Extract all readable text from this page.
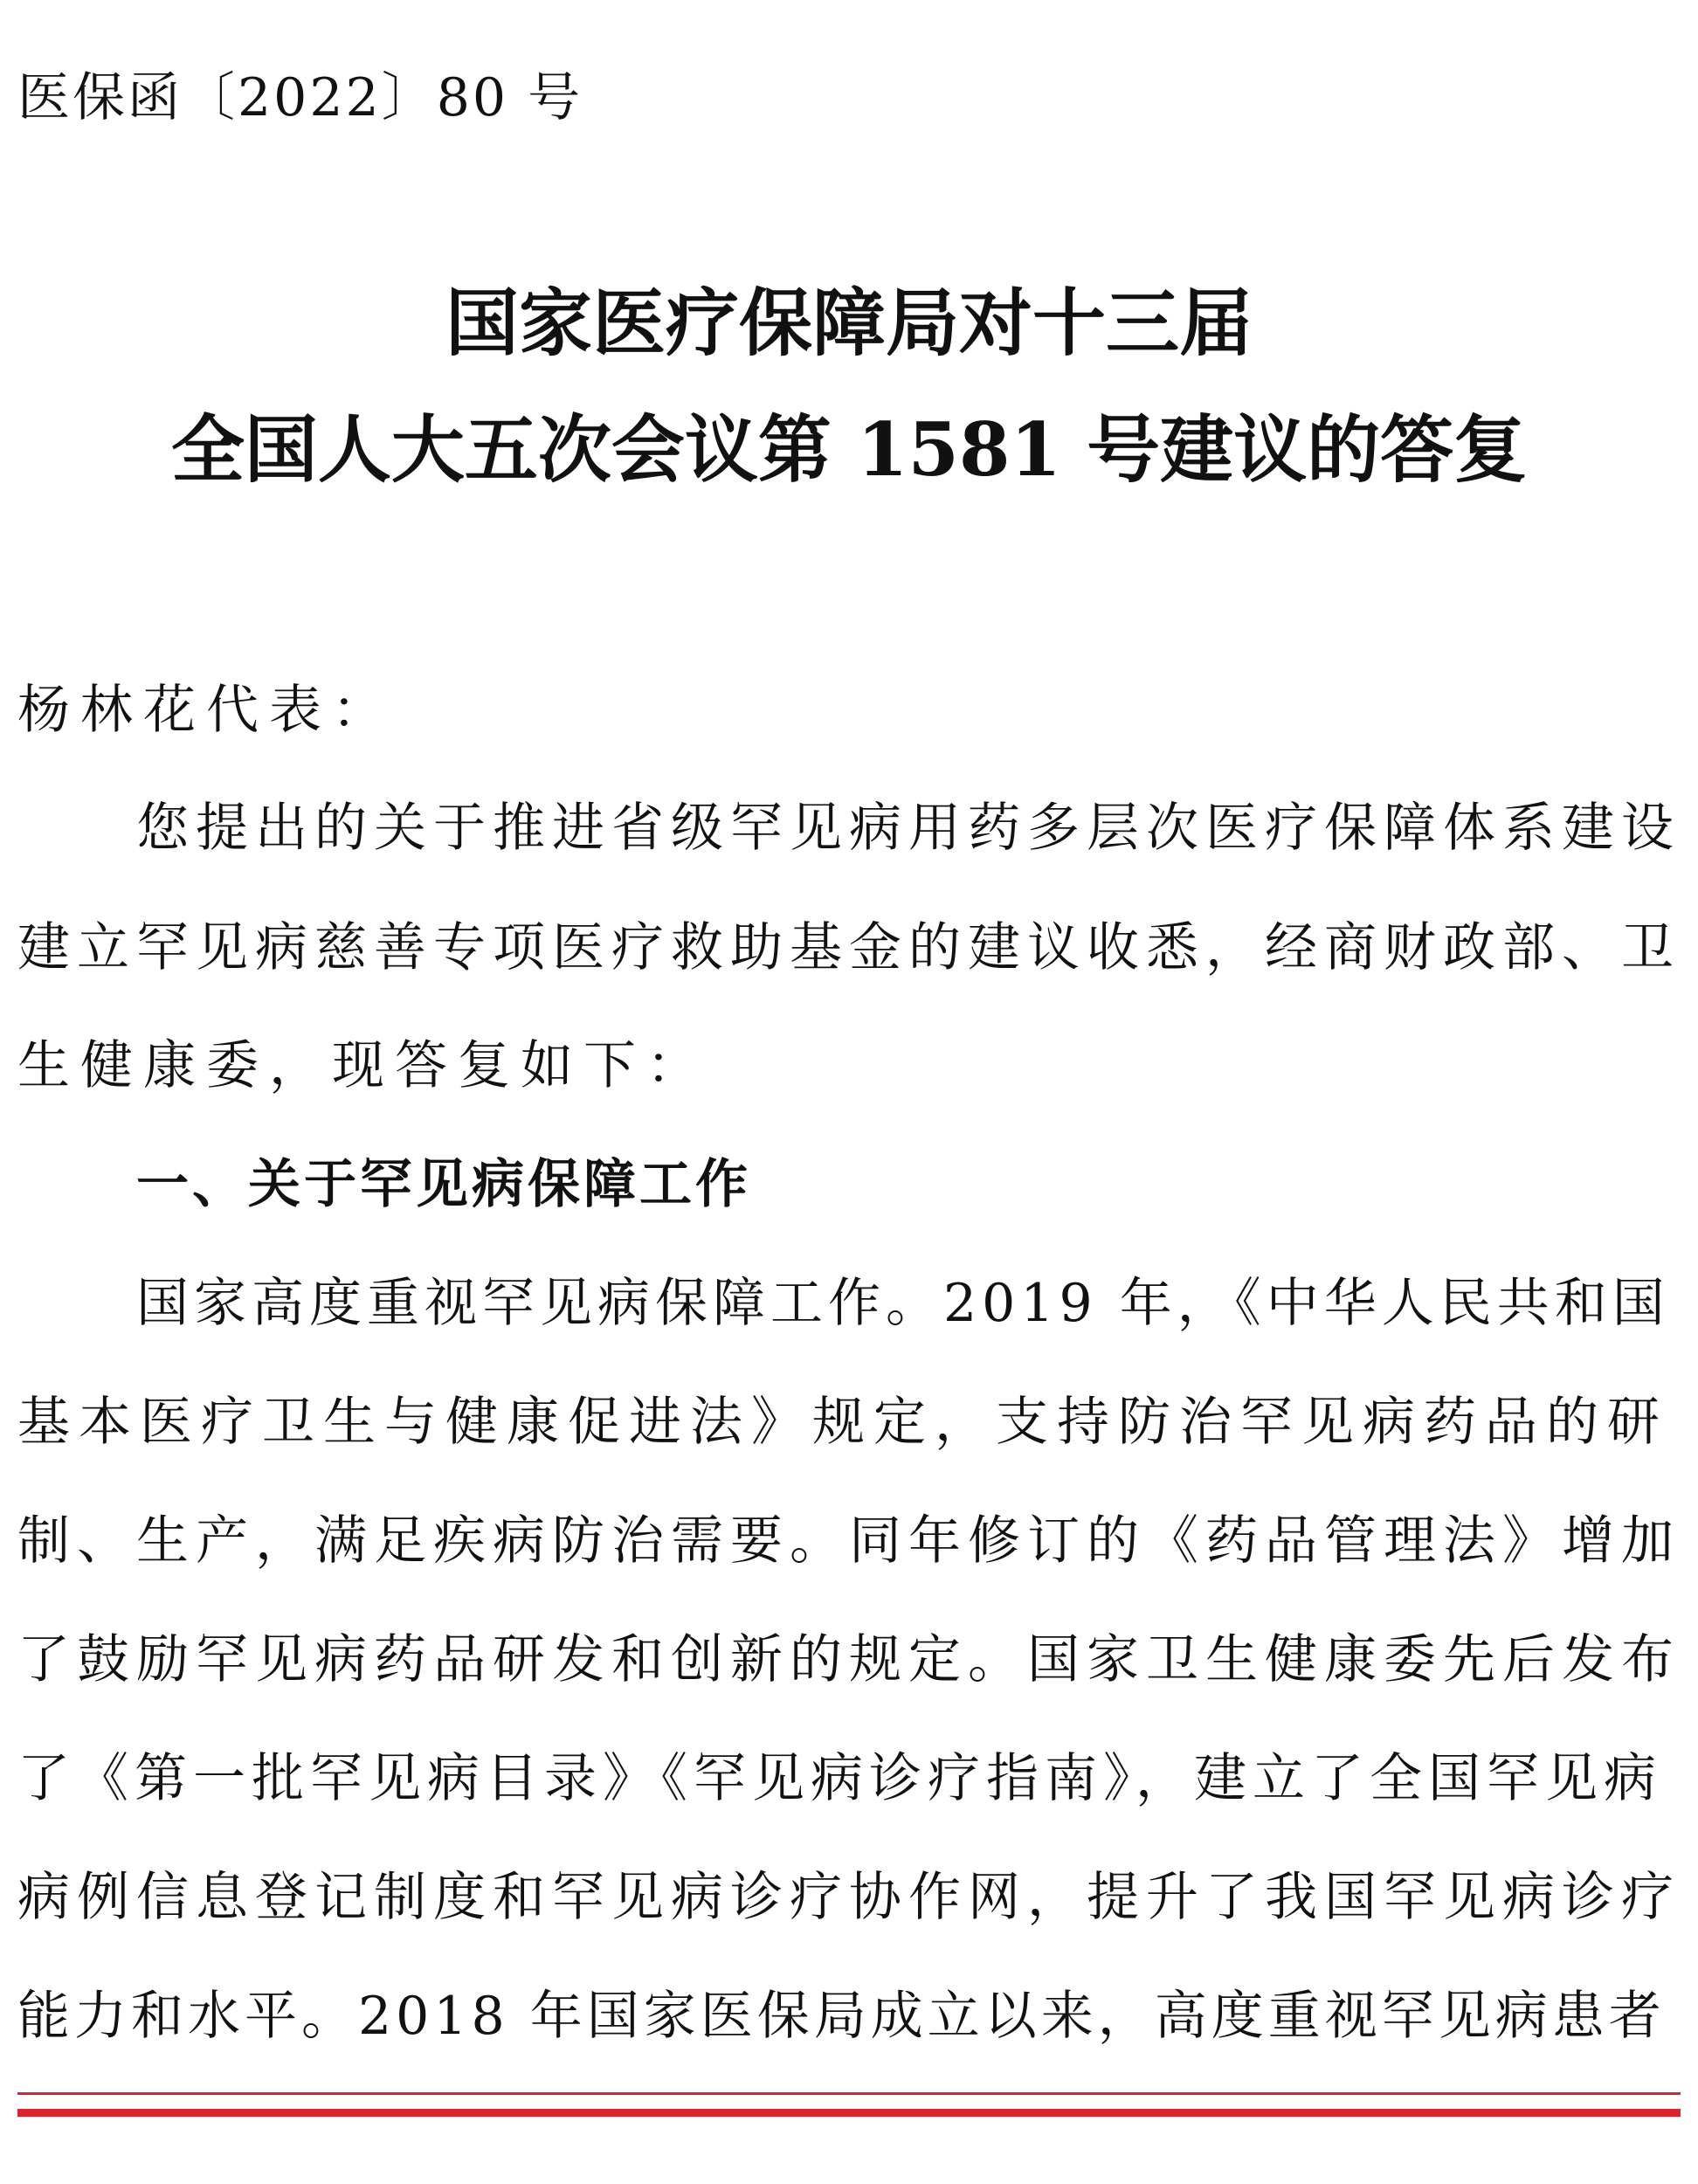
医保函〔2022〕80 号
国家医疗保障局对十三届
全国人大五次会议第 1581 号建议的答复
杨林花代表：
您提出的关于推进省级罕见病用药多层次医疗保障体系建设
建立罕见病慈善专项医疗救助基金的建议收悉，经商财政部、卫
生健康委，现答复如下：
一、关于罕见病保障工作
国家高度重视罕见病保障工作。2019 年，《中华人民共和国
基本医疗卫生与健康促进法》规定，支持防治罕见病药品的研
制、生产，满足疾病防治需要。同年修订的《药品管理法》增加
了鼓励罕见病药品研发和创新的规定。国家卫生健康委先后发布
了《第一批罕见病目录》《罕见病诊疗指南》，建立了全国罕见病
病例信息登记制度和罕见病诊疗协作网，提升了我国罕见病诊疗
能力和水平。2018 年国家医保局成立以来，高度重视罕见病患者
